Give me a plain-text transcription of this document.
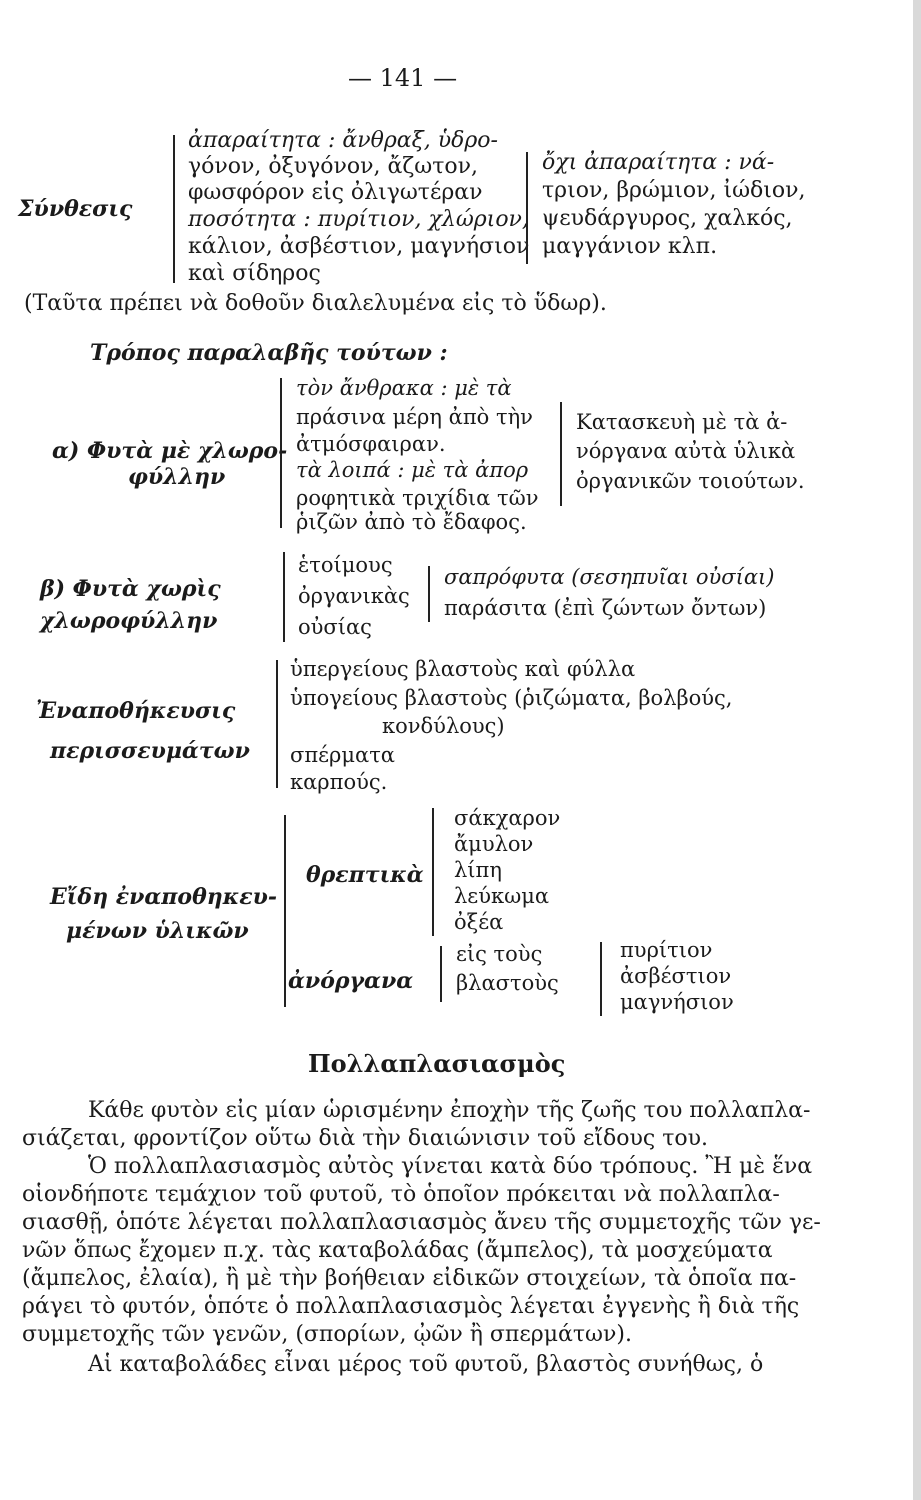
— 141 —
Σύνθεσις
ἀπαραίτητα : ἄνθραξ, ὑδρο-
γόνον, ὀξυγόνον, ἄζωτον,
φωσφόρον εἰς ὀλιγωτέραν
ποσότητα : πυρίτιον, χλώριον,
κάλιον, ἀσβέστιον, μαγνήσιον
καὶ σίδηρος
ὄχι ἀπαραίτητα : νά-
τριον, βρώμιον, ἰώδιον,
ψευδάργυρος, χαλκός,
μαγγάνιον κλπ.
(Ταῦτα πρέπει νὰ δοθοῦν διαλελυμένα εἰς τὸ ὕδωρ).
Τρόπος παραλαβῆς τούτων :
α) Φυτὰ μὲ χλωρο-
φύλλην
τὸν ἄνθρακα : μὲ τὰ
πράσινα μέρη ἀπὸ τὴν
ἀτμόσφαιραν.
τὰ λοιπά : μὲ τὰ ἀπορ
ροφητικὰ τριχίδια τῶν
ῥιζῶν ἀπὸ τὸ ἔδαφος.
Κατασκευὴ μὲ τὰ ἀ-
νόργανα αὐτὰ ὑλικὰ
ὀργανικῶν τοιούτων.
β) Φυτὰ χωρὶς
χλωροφύλλην
ἑτοίμους
ὀργανικὰς
οὐσίας
σαπρόφυτα (σεσηπυῖαι οὐσίαι)
παράσιτα (ἐπὶ ζώντων ὄντων)
Ἐναποθήκευσις
περισσευμάτων
ὑπεργείους βλαστοὺς καὶ φύλλα
ὑπογείους βλαστοὺς (ῥιζώματα, βολβούς,
κονδύλους)
σπέρματα
καρπούς.
Εἴδη ἐναποθηκευ-
μένων ὑλικῶν
θρεπτικὰ
σάκχαρον
ἄμυλον
λίπη
λεύκωμα
ὀξέα
ἀνόργανα
εἰς τοὺς
βλαστοὺς
πυρίτιον
ἀσβέστιον
μαγνήσιον
Πολλαπλασιασμὸς
Κάθε φυτὸν εἰς μίαν ὡρισμένην ἐποχὴν τῆς ζωῆς του πολλαπλα-
σιάζεται, φροντίζον οὕτω διὰ τὴν διαιώνισιν τοῦ εἴδους του.
Ὁ πολλαπλασιασμὸς αὐτὸς γίνεται κατὰ δύο τρόπους. Ἢ μὲ ἕνα
οἱονδήποτε τεμάχιον τοῦ φυτοῦ, τὸ ὁποῖον πρόκειται νὰ πολλαπλα-
σιασθῇ, ὁπότε λέγεται πολλαπλασιασμὸς ἄνευ τῆς συμμετοχῆς τῶν γε-
νῶν ὅπως ἔχομεν π.χ. τὰς καταβολάδας (ἄμπελος), τὰ μοσχεύματα
(ἄμπελος, ἐλαία), ἢ μὲ τὴν βοήθειαν εἰδικῶν στοιχείων, τὰ ὁποῖα πα-
ράγει τὸ φυτόν, ὁπότε ὁ πολλαπλασιασμὸς λέγεται ἐγγενὴς ἢ διὰ τῆς
συμμετοχῆς τῶν γενῶν, (σπορίων, ᾠῶν ἢ σπερμάτων).
Αἱ καταβολάδες εἶναι μέρος τοῦ φυτοῦ, βλαστὸς συνήθως, ὁ
